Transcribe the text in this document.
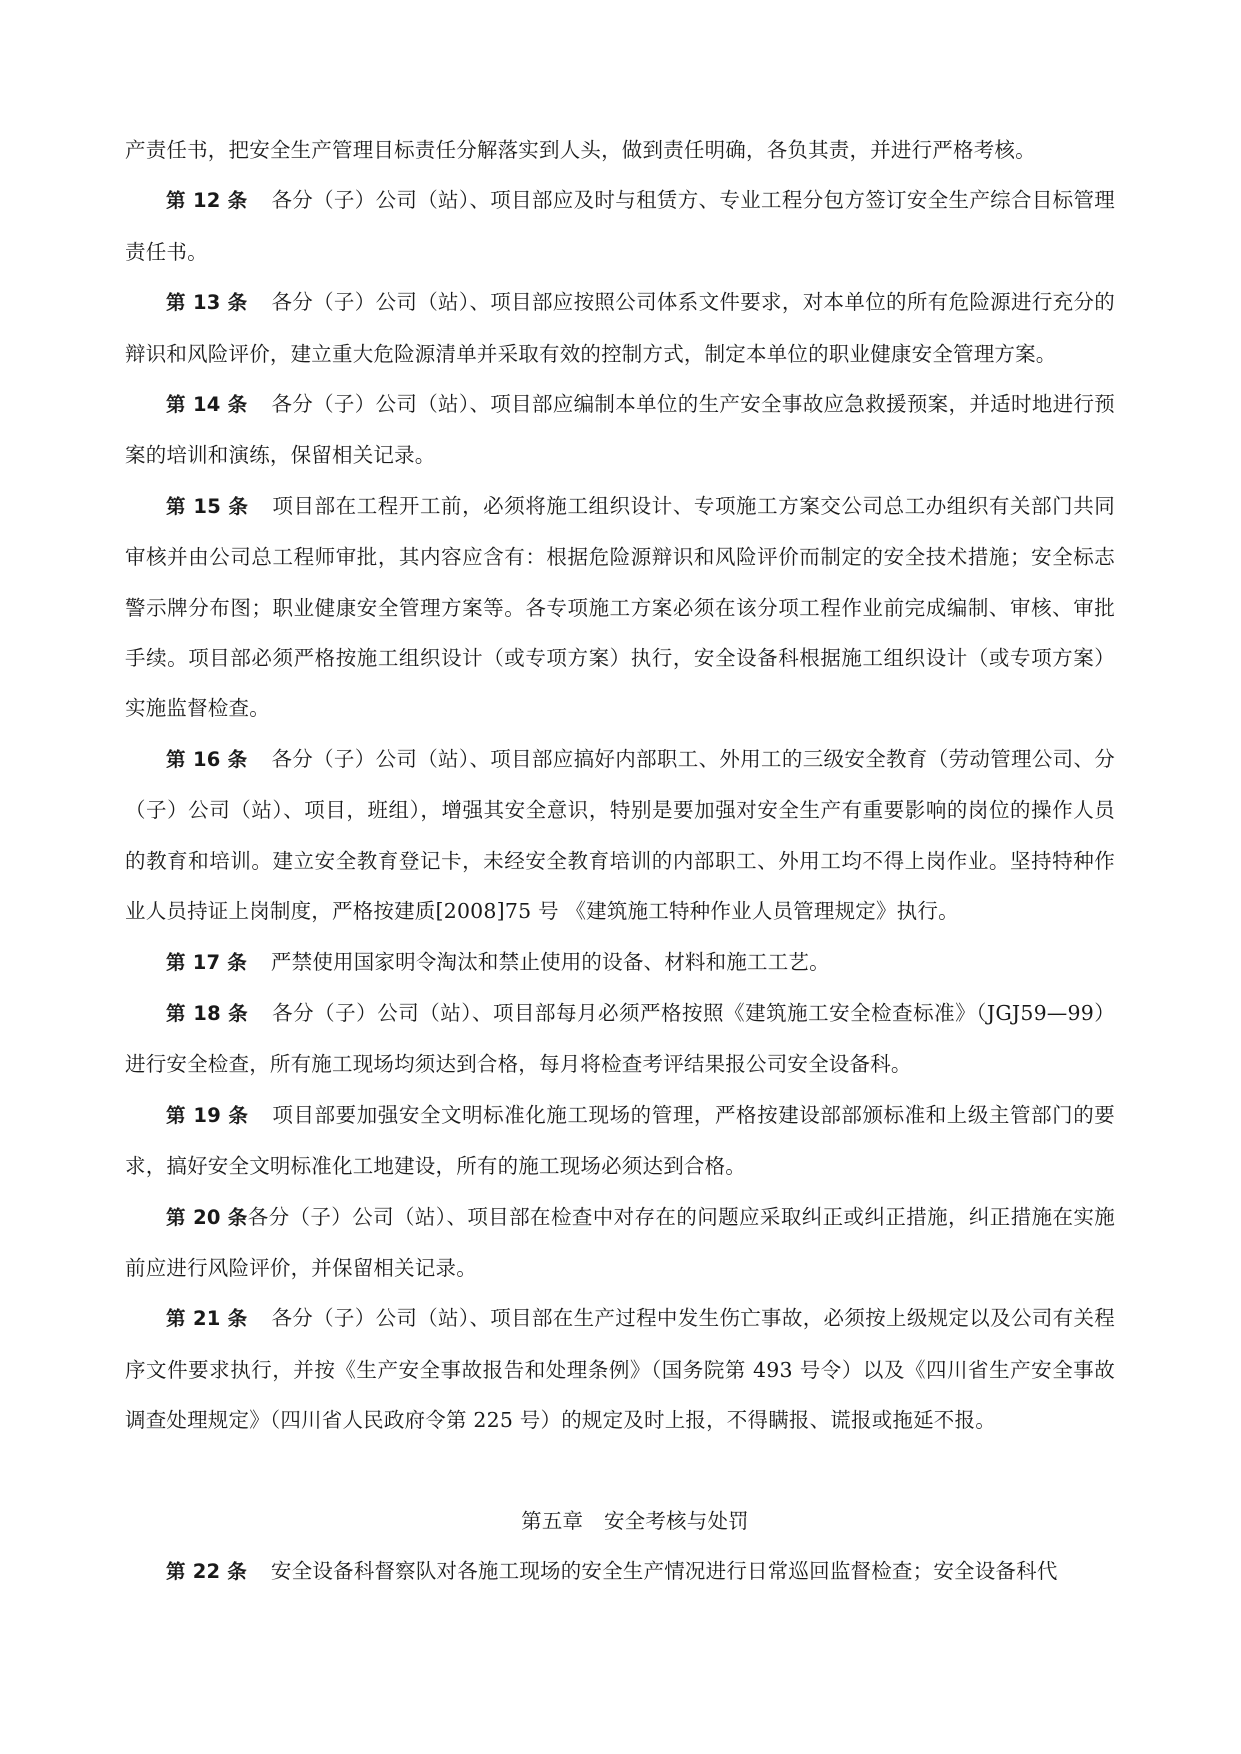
产责任书，把安全生产管理目标责任分解落实到人头，做到责任明确，各负其责，并进行严格考核。

第 12 条 各分（子）公司（站）、项目部应及时与租赁方、专业工程分包方签订安全生产综合目标管理责任书。

第 13 条 各分（子）公司（站）、项目部应按照公司体系文件要求，对本单位的所有危险源进行充分的辩识和风险评价，建立重大危险源清单并采取有效的控制方式，制定本单位的职业健康安全管理方案。

第 14 条 各分（子）公司（站）、项目部应编制本单位的生产安全事故应急救援预案，并适时地进行预案的培训和演练，保留相关记录。

第 15 条 项目部在工程开工前，必须将施工组织设计、专项施工方案交公司总工办组织有关部门共同审核并由公司总工程师审批，其内容应含有：根据危险源辩识和风险评价而制定的安全技术措施；安全标志警示牌分布图；职业健康安全管理方案等。各专项施工方案必须在该分项工程作业前完成编制、审核、审批手续。项目部必须严格按施工组织设计（或专项方案）执行，安全设备科根据施工组织设计（或专项方案）实施监督检查。

第 16 条 各分（子）公司（站）、项目部应搞好内部职工、外用工的三级安全教育（劳动管理公司、分（子）公司（站）、项目，班组），增强其安全意识，特别是要加强对安全生产有重要影响的岗位的操作人员的教育和培训。建立安全教育登记卡，未经安全教育培训的内部职工、外用工均不得上岗作业。坚持特种作业人员持证上岗制度，严格按建质[2008]75 号 《建筑施工特种作业人员管理规定》执行。

第 17 条 严禁使用国家明令淘汰和禁止使用的设备、材料和施工工艺。

第 18 条 各分（子）公司（站）、项目部每月必须严格按照《建筑施工安全检查标准》（JGJ59—99）进行安全检查，所有施工现场均须达到合格，每月将检查考评结果报公司安全设备科。

第 19 条 项目部要加强安全文明标准化施工现场的管理，严格按建设部部颁标准和上级主管部门的要求，搞好安全文明标准化工地建设，所有的施工现场必须达到合格。

第 20 条各分（子）公司（站）、项目部在检查中对存在的问题应采取纠正或纠正措施，纠正措施在实施前应进行风险评价，并保留相关记录。

第 21 条 各分（子）公司（站）、项目部在生产过程中发生伤亡事故，必须按上级规定以及公司有关程序文件要求执行，并按《生产安全事故报告和处理条例》（国务院第 493 号令）以及《四川省生产安全事故调查处理规定》（四川省人民政府令第 225 号）的规定及时上报，不得瞒报、谎报或拖延不报。

第五章　安全考核与处罚

第 22 条 安全设备科督察队对各施工现场的安全生产情况进行日常巡回监督检查；安全设备科代
